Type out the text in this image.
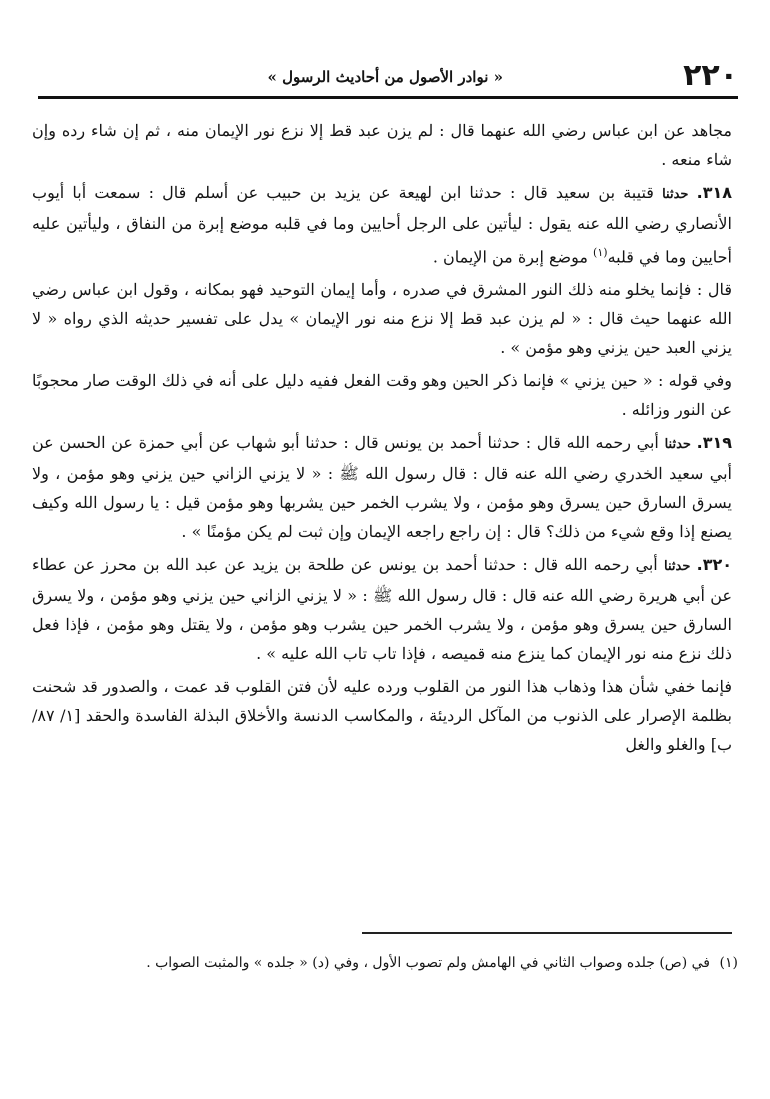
٢٢٠
« نوادر الأصول من أحاديث الرسول »

مجاهد عن ابن عباس رضي الله عنهما قال : لم يزن عبد قط إلا نزع نور الإيمان منه ، ثم إن شاء رده وإن شاء منعه .

٣١٨. حدثنا قتيبة بن سعيد قال : حدثنا ابن لهيعة عن يزيد بن حبيب عن أسلم قال : سمعت أبا أيوب الأنصاري رضي الله عنه يقول : ليأتين على الرجل أحايين وما في قلبه موضع إبرة من النفاق ، وليأتين عليه أحايين وما في قلبه$^{(١)}$ موضع إبرة من الإيمان .

قال : فإنما يخلو منه ذلك النور المشرق في صدره ، وأما إيمان التوحيد فهو بمكانه ، وقول ابن عباس رضي الله عنهما حيث قال : « لم يزن عبد قط إلا نزع منه نور الإيمان » يدل على تفسير حديثه الذي رواه « لا يزني العبد حين يزني وهو مؤمن » .

وفي قوله : « حين يزني » فإنما ذكر الحين وهو وقت الفعل ففيه دليل على أنه في ذلك الوقت صار محجوبًا عن النور وزائله .

٣١٩. حدثنا أبي رحمه الله قال : حدثنا أحمد بن يونس قال : حدثنا أبو شهاب عن أبي حمزة عن الحسن عن أبي سعيد الخدري رضي الله عنه قال : قال رسول الله ﷺ : « لا يزني الزاني حين يزني وهو مؤمن ، ولا يسرق السارق حين يسرق وهو مؤمن ، ولا يشرب الخمر حين يشربها وهو مؤمن قيل : يا رسول الله وكيف يصنع إذا وقع شيء من ذلك؟ قال : إن راجع راجعه الإيمان وإن ثبت لم يكن مؤمنًا » .

٣٢٠. حدثنا أبي رحمه الله قال : حدثنا أحمد بن يونس عن طلحة بن يزيد عن عبد الله بن محرز عن عطاء عن أبي هريرة رضي الله عنه قال : قال رسول الله ﷺ : « لا يزني الزاني حين يزني وهو مؤمن ، ولا يسرق السارق حين يسرق وهو مؤمن ، ولا يشرب الخمر حين يشرب وهو مؤمن ، ولا يقتل وهو مؤمن ، فإذا فعل ذلك نزع منه نور الإيمان كما ينزع منه قميصه ، فإذا تاب تاب الله عليه » .

فإنما خفي شأن هذا وذهاب هذا النور من القلوب ورده عليه لأن فتن القلوب قد عمت ، والصدور قد شحنت بظلمة الإصرار على الذنوب من المآكل الرديئة ، والمكاسب الدنسة والأخلاق البذلة الفاسدة والحقد [١/ ٨٧/ب] والغلو والغل

(١)
في (ص) جلده وصواب الثاني في الهامش ولم تصوب الأول ، وفي (د) « جلده » والمثبت الصواب .
